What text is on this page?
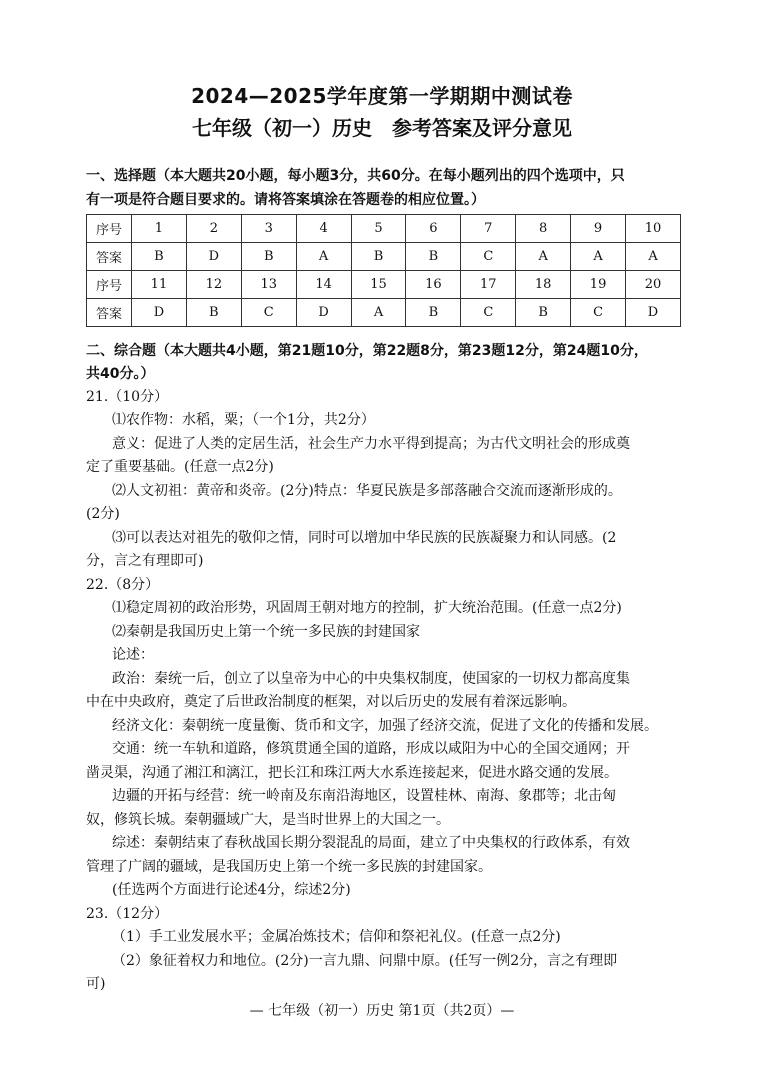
2024—2025学年度第一学期期中测试卷
七年级（初一）历史　参考答案及评分意见
一、选择题（本大题共20小题，每小题3分，共60分。在每小题列出的四个选项中，只
有一项是符合题目要求的。请将答案填涂在答题卷的相应位置。）
序号	1	2	3	4	5	6	7	8	9	10
答案	B	D	B	A	B	B	C	A	A	A
序号	11	12	13	14	15	16	17	18	19	20
答案	D	B	C	D	A	B	C	B	C	D
二、综合题（本大题共4小题，第21题10分，第22题8分，第23题12分，第24题10分，
共40分。）
21.（10分）
⑴农作物：水稻，粟；（一个1分，共2分）
意义：促进了人类的定居生活，社会生产力水平得到提高；为古代文明社会的形成奠
定了重要基础。(任意一点2分)
⑵人文初祖：黄帝和炎帝。(2分)特点：华夏民族是多部落融合交流而逐渐形成的。
(2分)
⑶可以表达对祖先的敬仰之情，同时可以增加中华民族的民族凝聚力和认同感。(2
分，言之有理即可)
22.（8分）
⑴稳定周初的政治形势，巩固周王朝对地方的控制，扩大统治范围。(任意一点2分)
⑵秦朝是我国历史上第一个统一多民族的封建国家
论述：
政治：秦统一后，创立了以皇帝为中心的中央集权制度，使国家的一切权力都高度集
中在中央政府，奠定了后世政治制度的框架，对以后历史的发展有着深远影响。
经济文化：秦朝统一度量衡、货币和文字，加强了经济交流，促进了文化的传播和发展。
交通：统一车轨和道路，修筑贯通全国的道路，形成以咸阳为中心的全国交通网；开
凿灵渠，沟通了湘江和漓江，把长江和珠江两大水系连接起来，促进水路交通的发展。
边疆的开拓与经营：统一岭南及东南沿海地区，设置桂林、南海、象郡等；北击匈
奴，修筑长城。秦朝疆域广大，是当时世界上的大国之一。
综述：秦朝结束了春秋战国长期分裂混乱的局面，建立了中央集权的行政体系，有效
管理了广阔的疆域，是我国历史上第一个统一多民族的封建国家。
(任选两个方面进行论述4分，综述2分)
23.（12分）
（1）手工业发展水平；金属冶炼技术；信仰和祭祀礼仪。(任意一点2分)
（2）象征着权力和地位。(2分)一言九鼎、问鼎中原。(任写一例2分，言之有理即
可)
— 七年级（初一）历史 第1页（共2页）—
